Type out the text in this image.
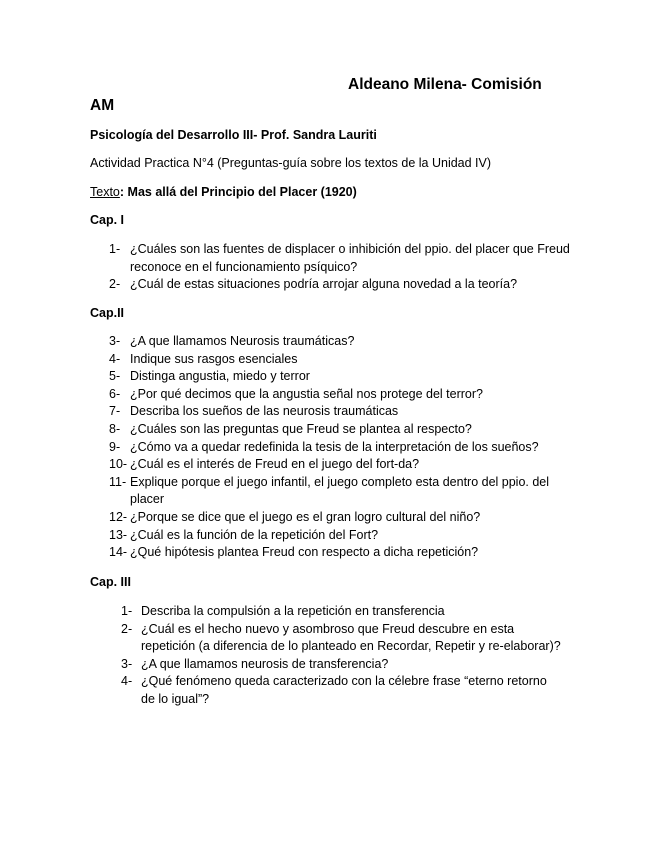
Aldeano Milena- Comisión
AM
Psicología del Desarrollo III- Prof. Sandra Lauriti
Actividad Practica N°4 (Preguntas-guía sobre los textos de la Unidad IV)
Texto: Mas allá del Principio del Placer (1920)
Cap. I
1- ¿Cuáles son las fuentes de displacer o inhibición del ppio. del placer que Freud reconoce en el funcionamiento psíquico?
2- ¿Cuál de estas situaciones podría arrojar alguna novedad a la teoría?
Cap.II
3- ¿A que llamamos Neurosis traumáticas?
4- Indique sus rasgos esenciales
5- Distinga angustia, miedo y terror
6- ¿Por qué decimos que la angustia señal nos protege del terror?
7- Describa los sueños de las neurosis traumáticas
8- ¿Cuáles son las preguntas que Freud se plantea al respecto?
9- ¿Cómo va a quedar redefinida la tesis de la interpretación de los sueños?
10- ¿Cuál es el interés de Freud en el juego del fort-da?
11- Explique porque el juego infantil, el juego completo esta dentro del ppio. del placer
12- ¿Porque se dice que el juego es el gran logro cultural del niño?
13- ¿Cuál es la función de la repetición del Fort?
14- ¿Qué hipótesis plantea Freud con respecto a dicha repetición?
Cap. III
1- Describa la compulsión a la repetición en transferencia
2- ¿Cuál es el hecho nuevo y asombroso que Freud descubre en esta repetición (a diferencia de lo planteado en Recordar, Repetir y re-elaborar)?
3- ¿A que llamamos neurosis de transferencia?
4- ¿Qué fenómeno queda caracterizado con la célebre frase “eterno retorno de lo igual”?
